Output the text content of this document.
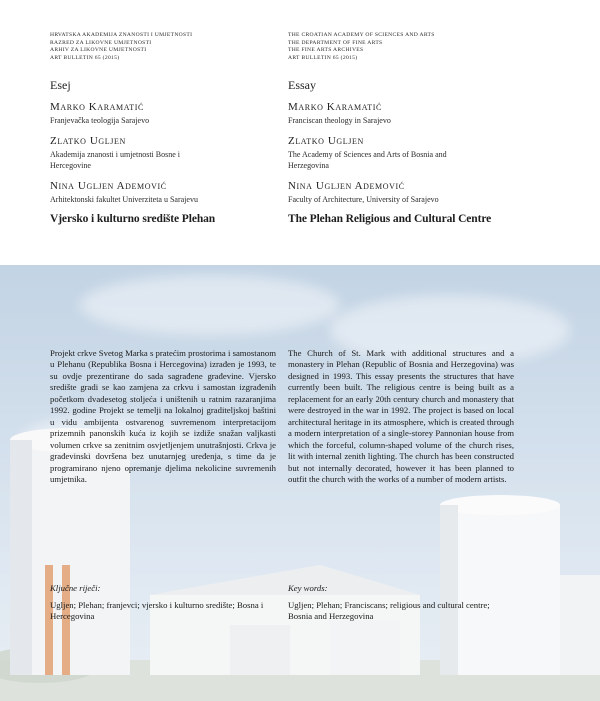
HRVATSKA AKADEMIJA ZNANOSTI I UMJETNOSTI
RAZRED ZA LIKOVNE UMJETNOSTI
ARHIV ZA LIKOVNE UMJETNOSTI
ART BULLETIN 65 (2015)
Esej

Marko Karamatić

Franjevačka teologija Sarajevo

Zlatko Ugljen

Akademija znanosti i umjetnosti Bosne i Hercegovine

Nina Ugljen Ademović

Arhitektonski fakultet Univerziteta u Sarajevu

Vjersko i kulturno središte Plehan
THE CROATIAN ACADEMY OF SCIENCES AND ARTS
THE DEPARTMENT OF FINE ARTS
THE FINE ARTS ARCHIVES
ART BULLETIN 65 (2015)
Essay

Marko Karamatić

Franciscan theology in Sarajevo

Zlatko Ugljen

The Academy of Sciences and Arts of Bosnia and Herzegovina

Nina Ugljen Ademović

Faculty of Architecture, University of Sarajevo

The Plehan Religious and Cultural Centre
Projekt crkve Svetog Marka s pratećim prostorima i samostanom u Plehanu (Republika Bosna i Hercegovina) izrađen je 1993, te su ovdje prezentirane do sada sagrađene građevine. Vjersko središte gradi se kao zamjena za crkvu i samostan izgrađenih početkom dvadesetog stoljeća i uništenih u ratnim razaranjima 1992. godine Projekt se temelji na lokalnoj graditeljskoj baštini u vidu ambijenta ostvarenog suvremenom interpretacijom prizemnih panonskih kuća iz kojih se izdiže snažan valjkasti volumen crkve sa zenitnim osvjetljenjem unutrašnjosti. Crkva je građevinski dovršena bez unutarnjeg uređenja, s time da je programirano njeno opremanje djelima nekolicine suvremenih umjetnika.
The Church of St. Mark with additional structures and a monastery in Plehan (Republic of Bosnia and Herzegovina) was designed in 1993. This essay presents the structures that have currently been built. The religious centre is being built as a replacement for an early 20th century church and monastery that were destroyed in the war in 1992. The project is based on local architectural heritage in its atmosphere, which is created through a modern interpretation of a single-storey Pannonian house from which the forceful, column-shaped volume of the church rises, lit with internal zenith lighting. The church has been constructed but not internally decorated, however it has been planned to outfit the church with the works of a number of modern artists.
Ključne riječi:
Ugljen; Plehan; franjevci; vjersko i kulturno središte; Bosna i Hercegovina
Key words:
Ugljen; Plehan; Franciscans; religious and cultural centre; Bosnia and Herzegovina
